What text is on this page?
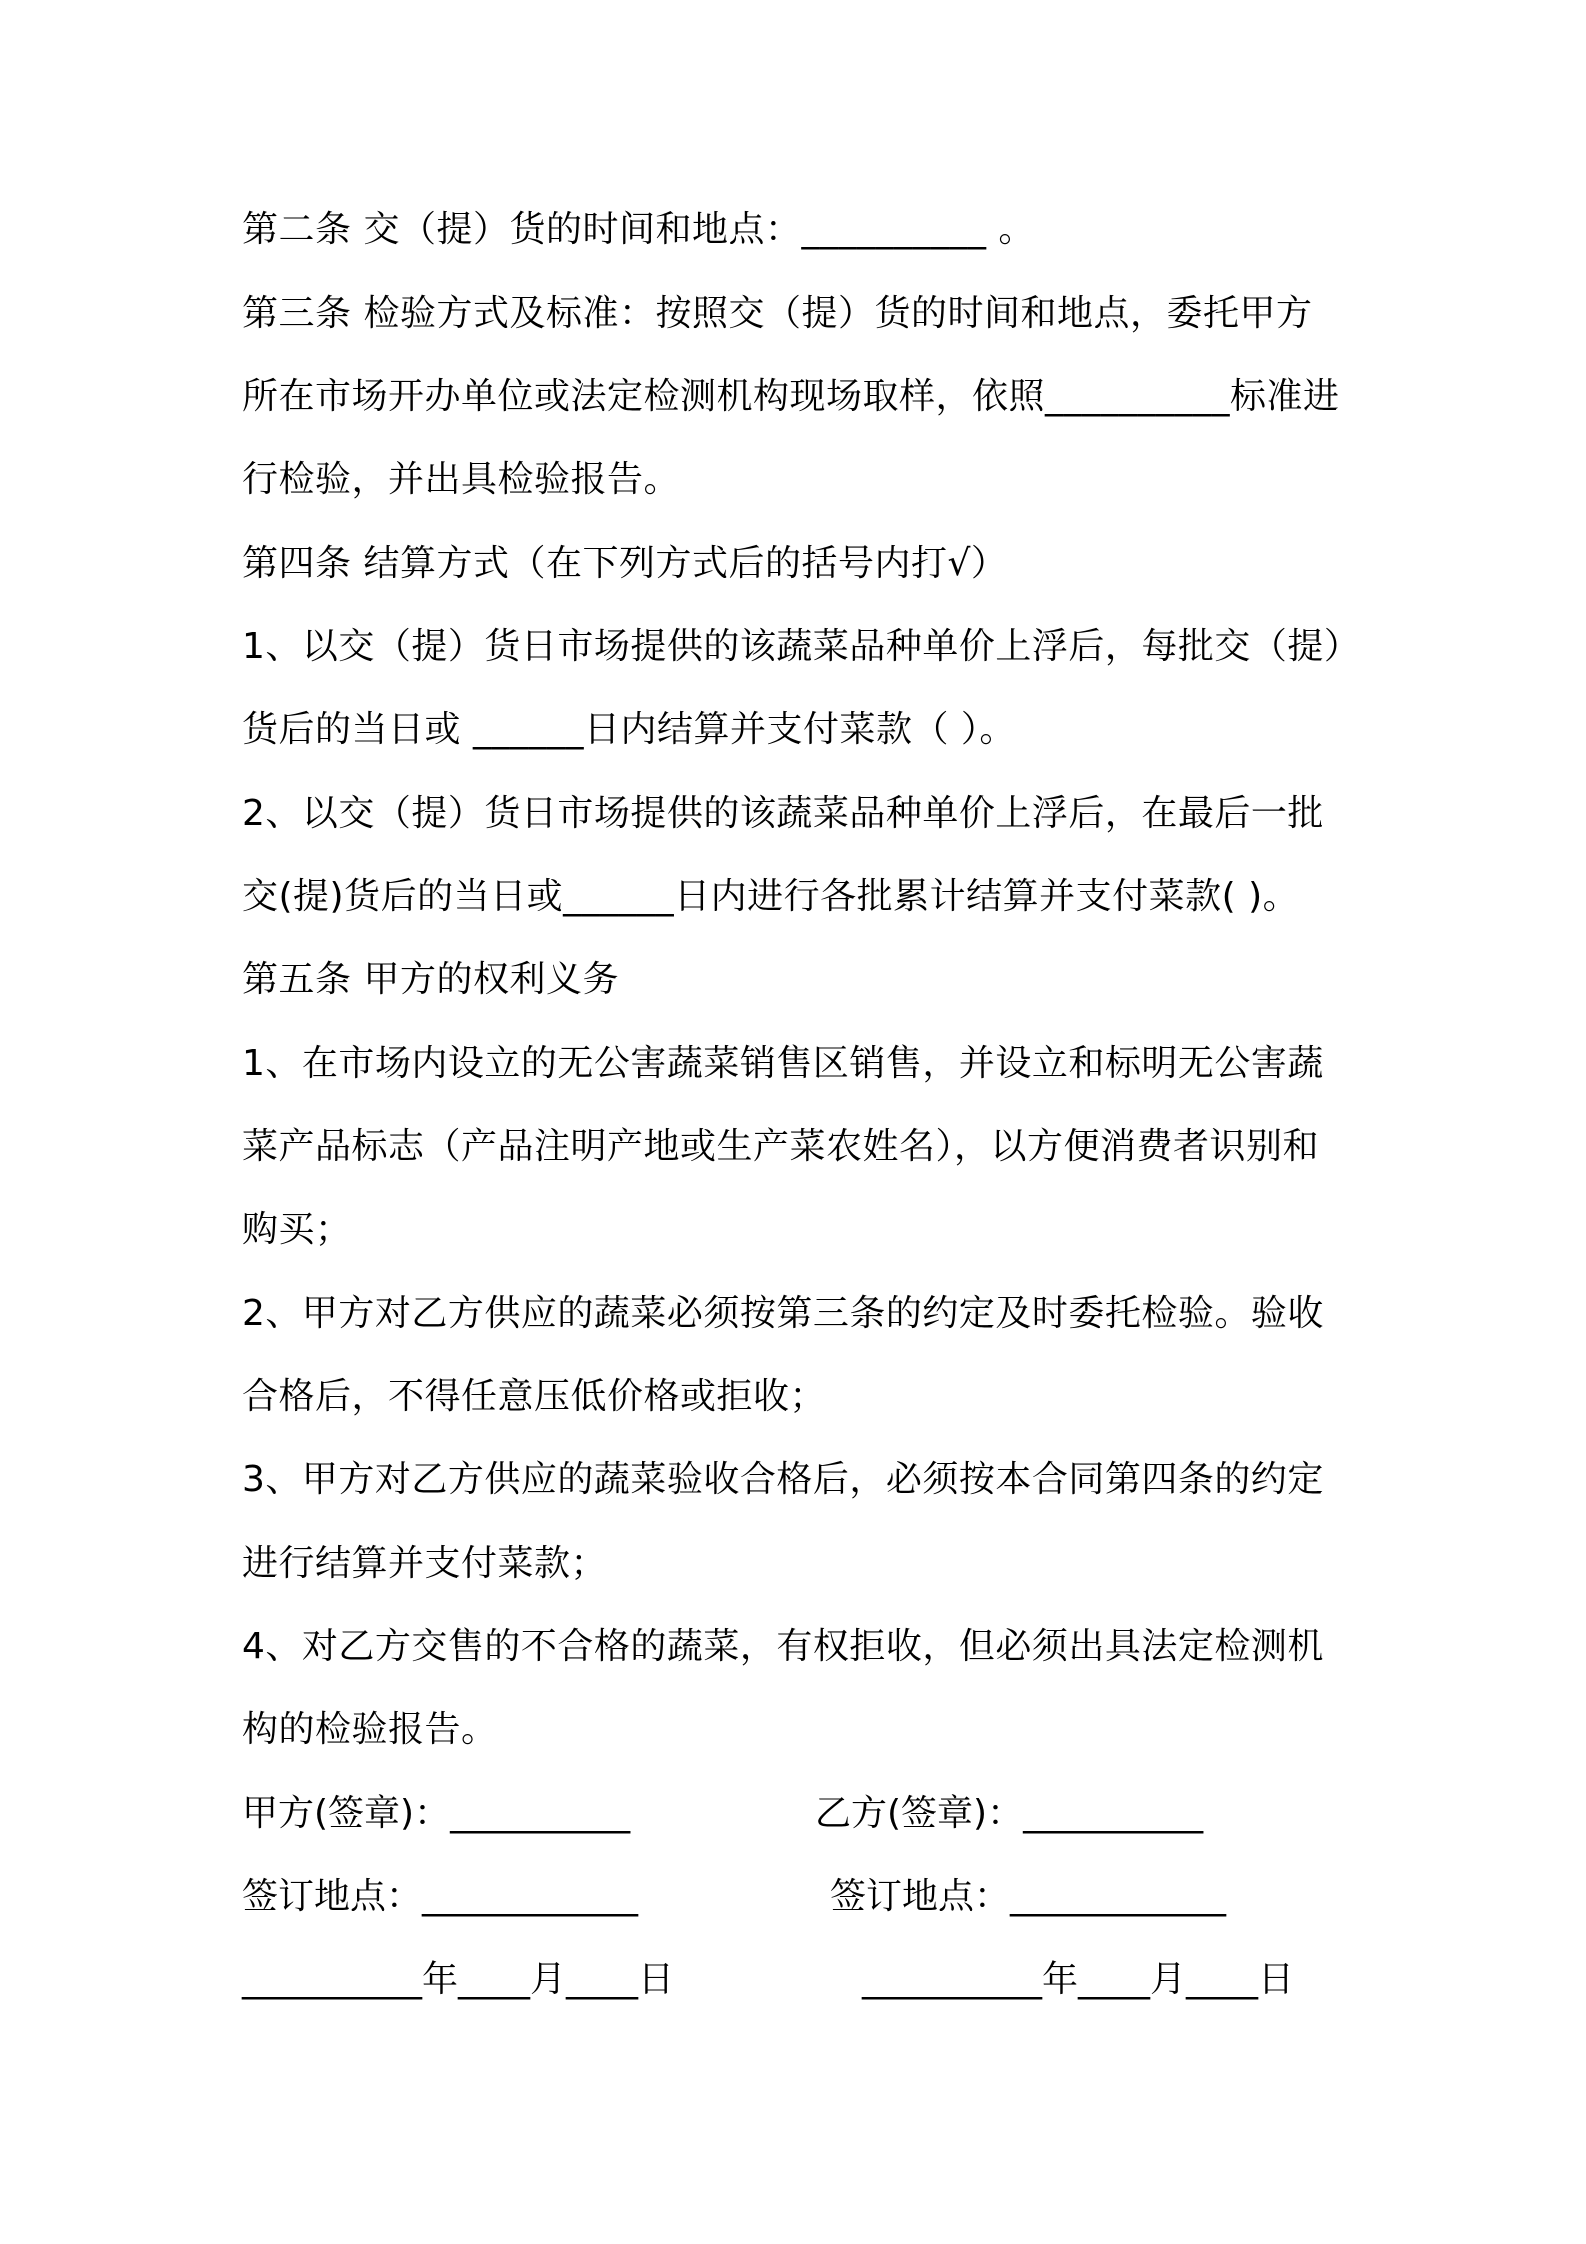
第二条 交（提）货的时间和地点：__________ 。

第三条 检验方式及标准：按照交（提）货的时间和地点，委托甲方

所在市场开办单位或法定检测机构现场取样，依照__________标准进

行检验，并出具检验报告。

第四条 结算方式（在下列方式后的括号内打√）

1、以交（提）货日市场提供的该蔬菜品种单价上浮后，每批交（提）

货后的当日或 ______日内结算并支付菜款（ ）。

2、以交（提）货日市场提供的该蔬菜品种单价上浮后，在最后一批

交(提)货后的当日或______日内进行各批累计结算并支付菜款( )。

第五条 甲方的权利义务

1、在市场内设立的无公害蔬菜销售区销售，并设立和标明无公害蔬

菜产品标志（产品注明产地或生产菜农姓名），以方便消费者识别和

购买；

2、甲方对乙方供应的蔬菜必须按第三条的约定及时委托检验。验收

合格后，不得任意压低价格或拒收；

3、甲方对乙方供应的蔬菜验收合格后，必须按本合同第四条的约定

进行结算并支付菜款；

4、对乙方交售的不合格的蔬菜，有权拒收，但必须出具法定检测机

构的检验报告。

甲方(签章)：__________	乙方(签章)：__________

签订地点：____________	签订地点：____________

__________年____月____日	__________年____月____日
